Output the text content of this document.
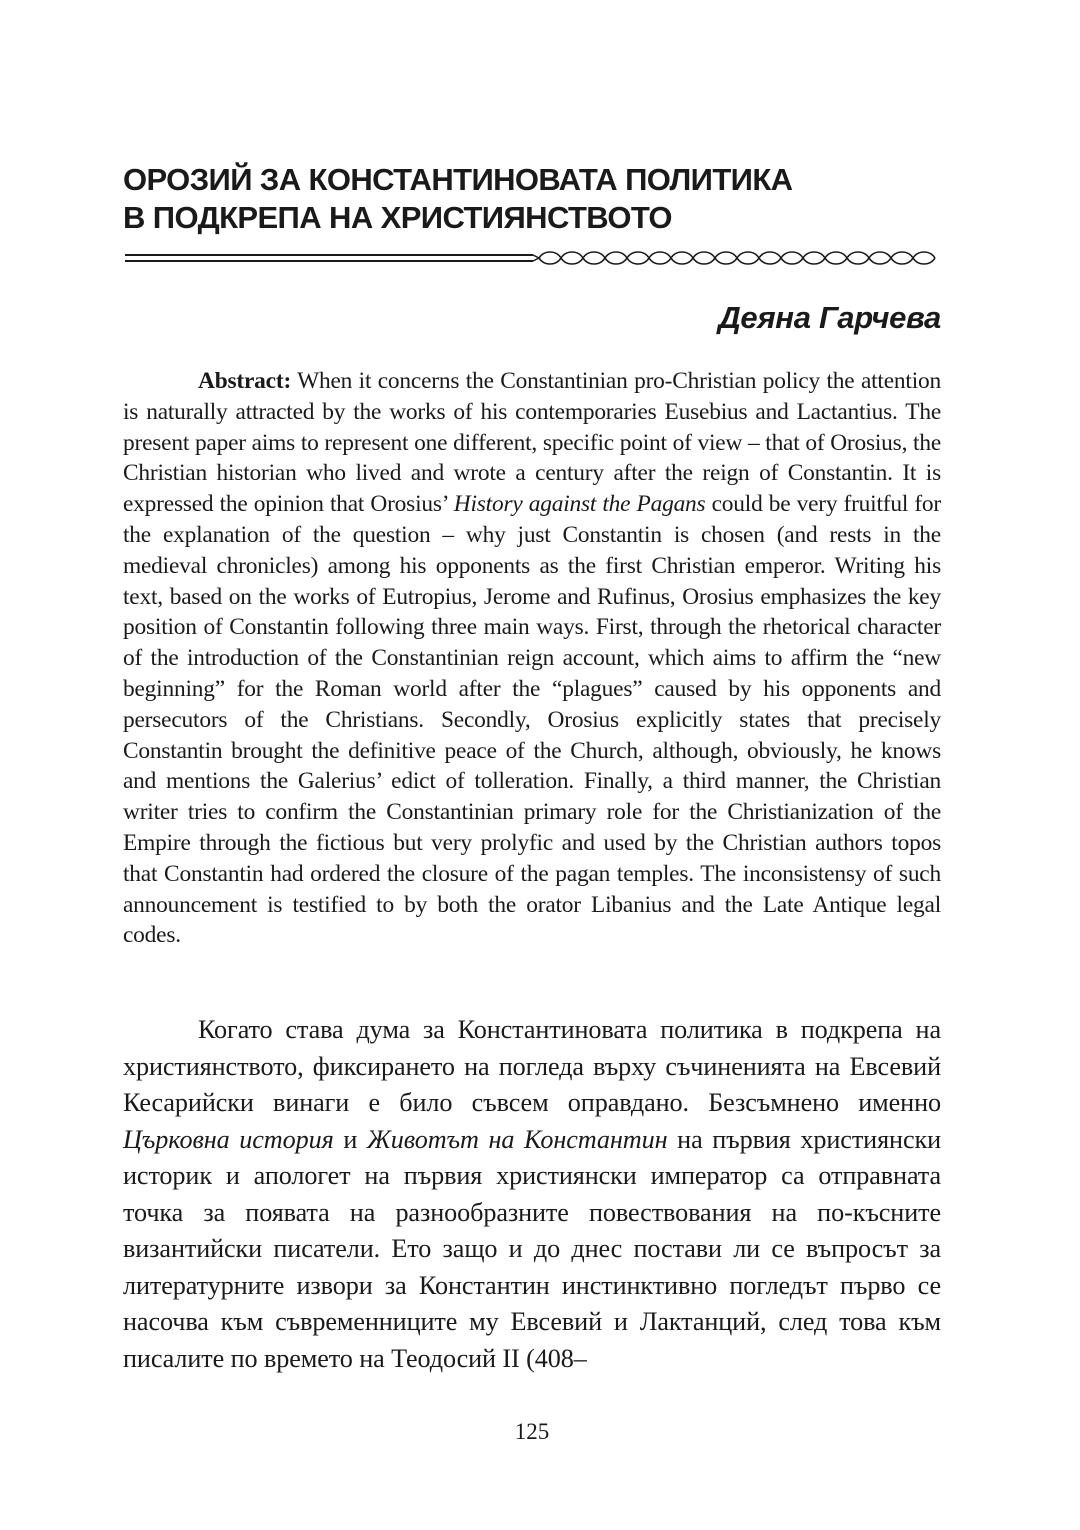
ОРОЗИЙ ЗА КОНСТАНТИНОВАТА ПОЛИТИКА
В ПОДКРЕПА НА ХРИСТИЯНСТВОТО
Деяна Гарчева

Abstract: When it concerns the Constantinian pro-Christian policy the attention is naturally attracted by the works of his contemporaries Eusebius and Lactantius. The present paper aims to represent one different, specific point of view – that of Orosius, the Christian historian who lived and wrote a century after the reign of Constantin. It is expressed the opinion that Orosius’ History against the Pagans could be very fruitful for the explanation of the question – why just Constantin is chosen (and rests in the medieval chronicles) among his opponents as the first Christian emperor. Writing his text, based on the works of Eutropius, Jerome and Rufinus, Orosius emphasizes the key position of Constantin following three main ways. First, through the rhetorical character of the introduction of the Constantinian reign account, which aims to affirm the “new beginning” for the Roman world after the “plagues” caused by his opponents and persecutors of the Christians. Secondly, Orosius explicitly states that precisely Constantin brought the definitive peace of the Church, although, obviously, he knows and mentions the Galerius’ edict of tolleration. Finally, a third manner, the Christian writer tries to confirm the Constantinian primary role for the Christianization of the Empire through the fictious but very prolyfic and used by the Christian authors topos that Constantin had ordered the closure of the pagan temples. The inconsistensy of such announcement is testified to by both the orator Libanius and the Late Antique legal codes.

Когато става дума за Константиновата политика в подкрепа на християнството, фиксирането на погледа върху съчиненията на Евсевий Кесарийски винаги е било съвсем оправдано. Безсъмнено именно Църковна история и Животът на Константин на първия християнски историк и апологет на първия християнски император са отправната точка за появата на разнообразните повествования на по-късните византийски писатели. Ето защо и до днес постави ли се въпросът за литературните извори за Константин инстинктивно погледът първо се насочва към съвременниците му Евсевий и Лактанций, след това към писалите по времето на Теодосий II (408–

125
